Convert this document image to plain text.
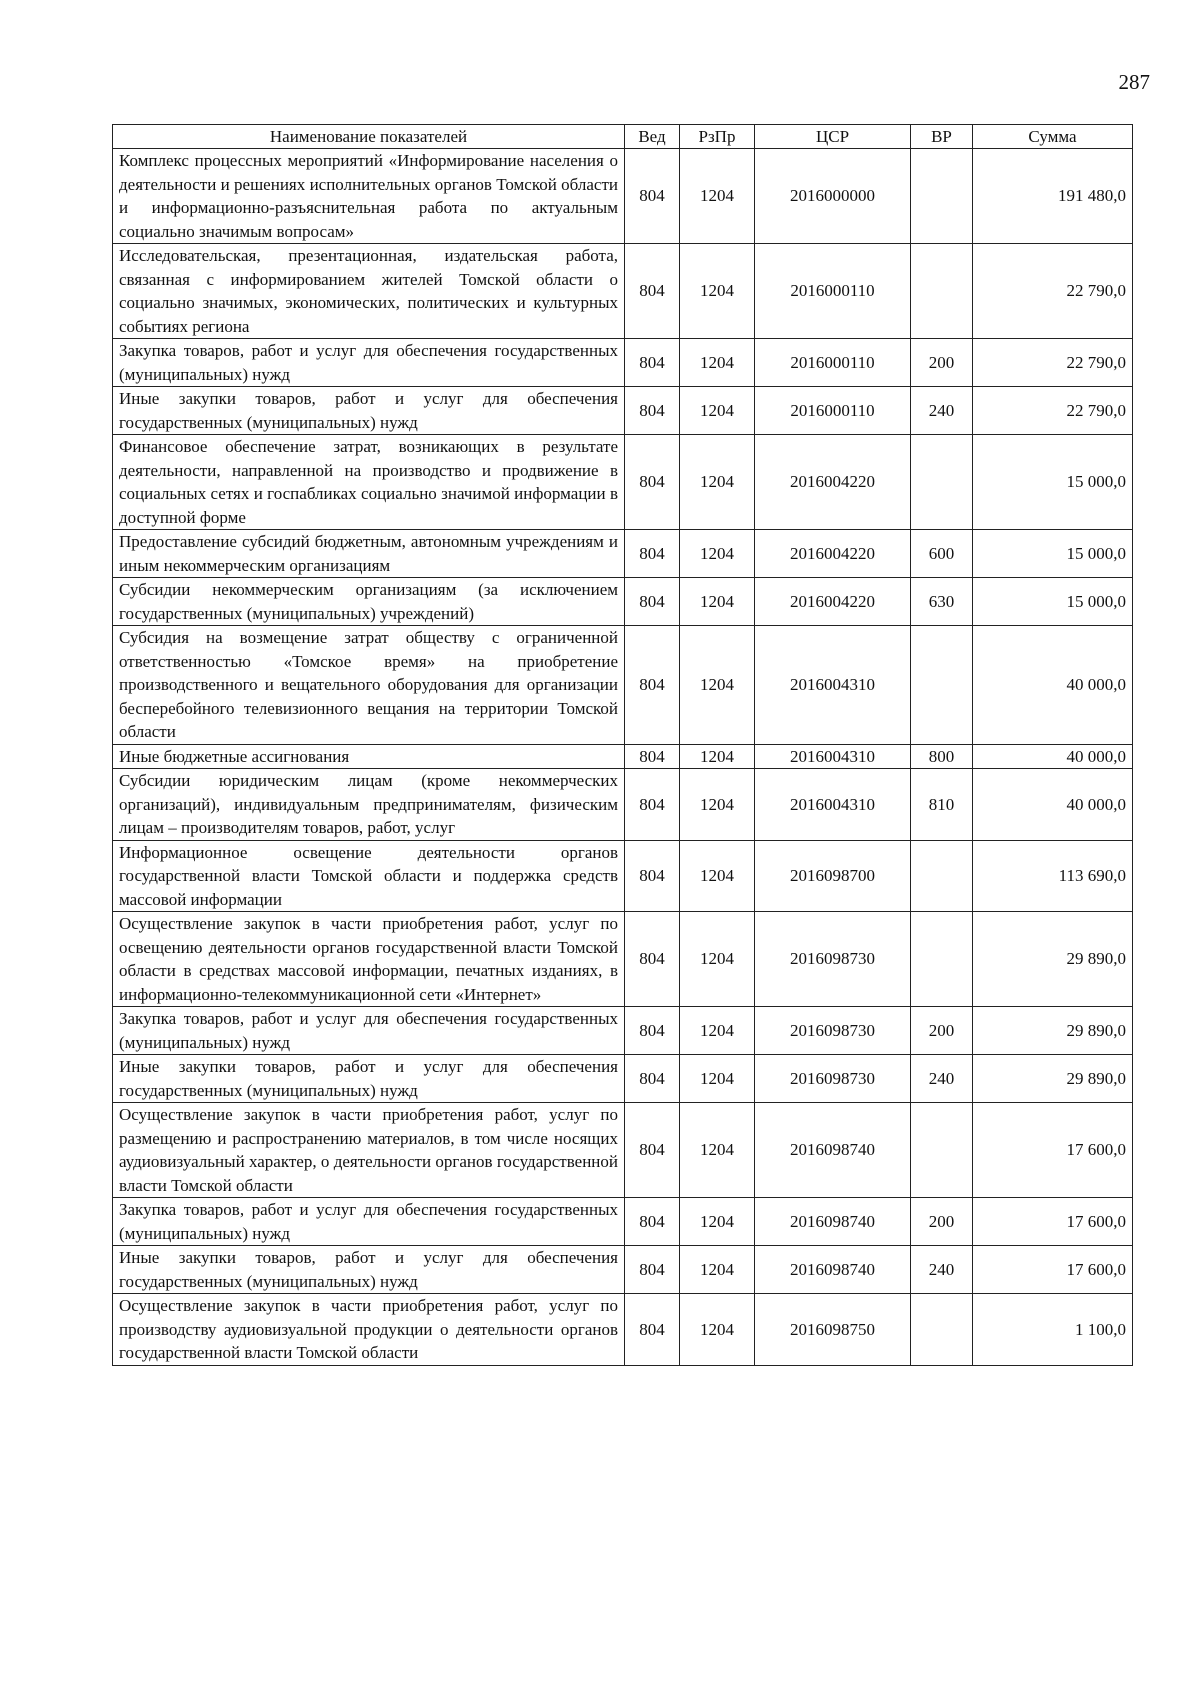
287
Наименование показателей	Вед	РзПр	ЦСР	ВР	Сумма
Комплекс процессных мероприятий «Информирование населения о деятельности и решениях исполнительных органов Томской области и информационно-разъяснительная работа по актуальным социально значимым вопросам»	804	1204	2016000000		191 480,0
Исследовательская, презентационная, издательская работа, связанная с информированием жителей Томской области о социально значимых, экономических, политических и культурных событиях региона	804	1204	2016000110		22 790,0
Закупка товаров, работ и услуг для обеспечения государственных (муниципальных) нужд	804	1204	2016000110	200	22 790,0
Иные закупки товаров, работ и услуг для обеспечения государственных (муниципальных) нужд	804	1204	2016000110	240	22 790,0
Финансовое обеспечение затрат, возникающих в результате деятельности, направленной на производство и продвижение в социальных сетях и госпабликах социально значимой информации в доступной форме	804	1204	2016004220		15 000,0
Предоставление субсидий бюджетным, автономным учреждениям и иным некоммерческим организациям	804	1204	2016004220	600	15 000,0
Субсидии некоммерческим организациям (за исключением государственных (муниципальных) учреждений)	804	1204	2016004220	630	15 000,0
Субсидия на возмещение затрат обществу с ограниченной ответственностью «Томское время» на приобретение производственного и вещательного оборудования для организации бесперебойного телевизионного вещания на территории Томской области	804	1204	2016004310		40 000,0
Иные бюджетные ассигнования	804	1204	2016004310	800	40 000,0
Субсидии юридическим лицам (кроме некоммерческих организаций), индивидуальным предпринимателям, физическим лицам – производителям товаров, работ, услуг	804	1204	2016004310	810	40 000,0
Информационное освещение деятельности органов государственной власти Томской области и поддержка средств массовой информации	804	1204	2016098700		113 690,0
Осуществление закупок в части приобретения работ, услуг по освещению деятельности органов государственной власти Томской области в средствах массовой информации, печатных изданиях, в информационно-телекоммуникационной сети «Интернет»	804	1204	2016098730		29 890,0
Закупка товаров, работ и услуг для обеспечения государственных (муниципальных) нужд	804	1204	2016098730	200	29 890,0
Иные закупки товаров, работ и услуг для обеспечения государственных (муниципальных) нужд	804	1204	2016098730	240	29 890,0
Осуществление закупок в части приобретения работ, услуг по размещению и распространению материалов, в том числе носящих аудиовизуальный характер, о деятельности органов государственной власти Томской области	804	1204	2016098740		17 600,0
Закупка товаров, работ и услуг для обеспечения государственных (муниципальных) нужд	804	1204	2016098740	200	17 600,0
Иные закупки товаров, работ и услуг для обеспечения государственных (муниципальных) нужд	804	1204	2016098740	240	17 600,0
Осуществление закупок в части приобретения работ, услуг по производству аудиовизуальной продукции о деятельности органов государственной власти Томской области	804	1204	2016098750		1 100,0
